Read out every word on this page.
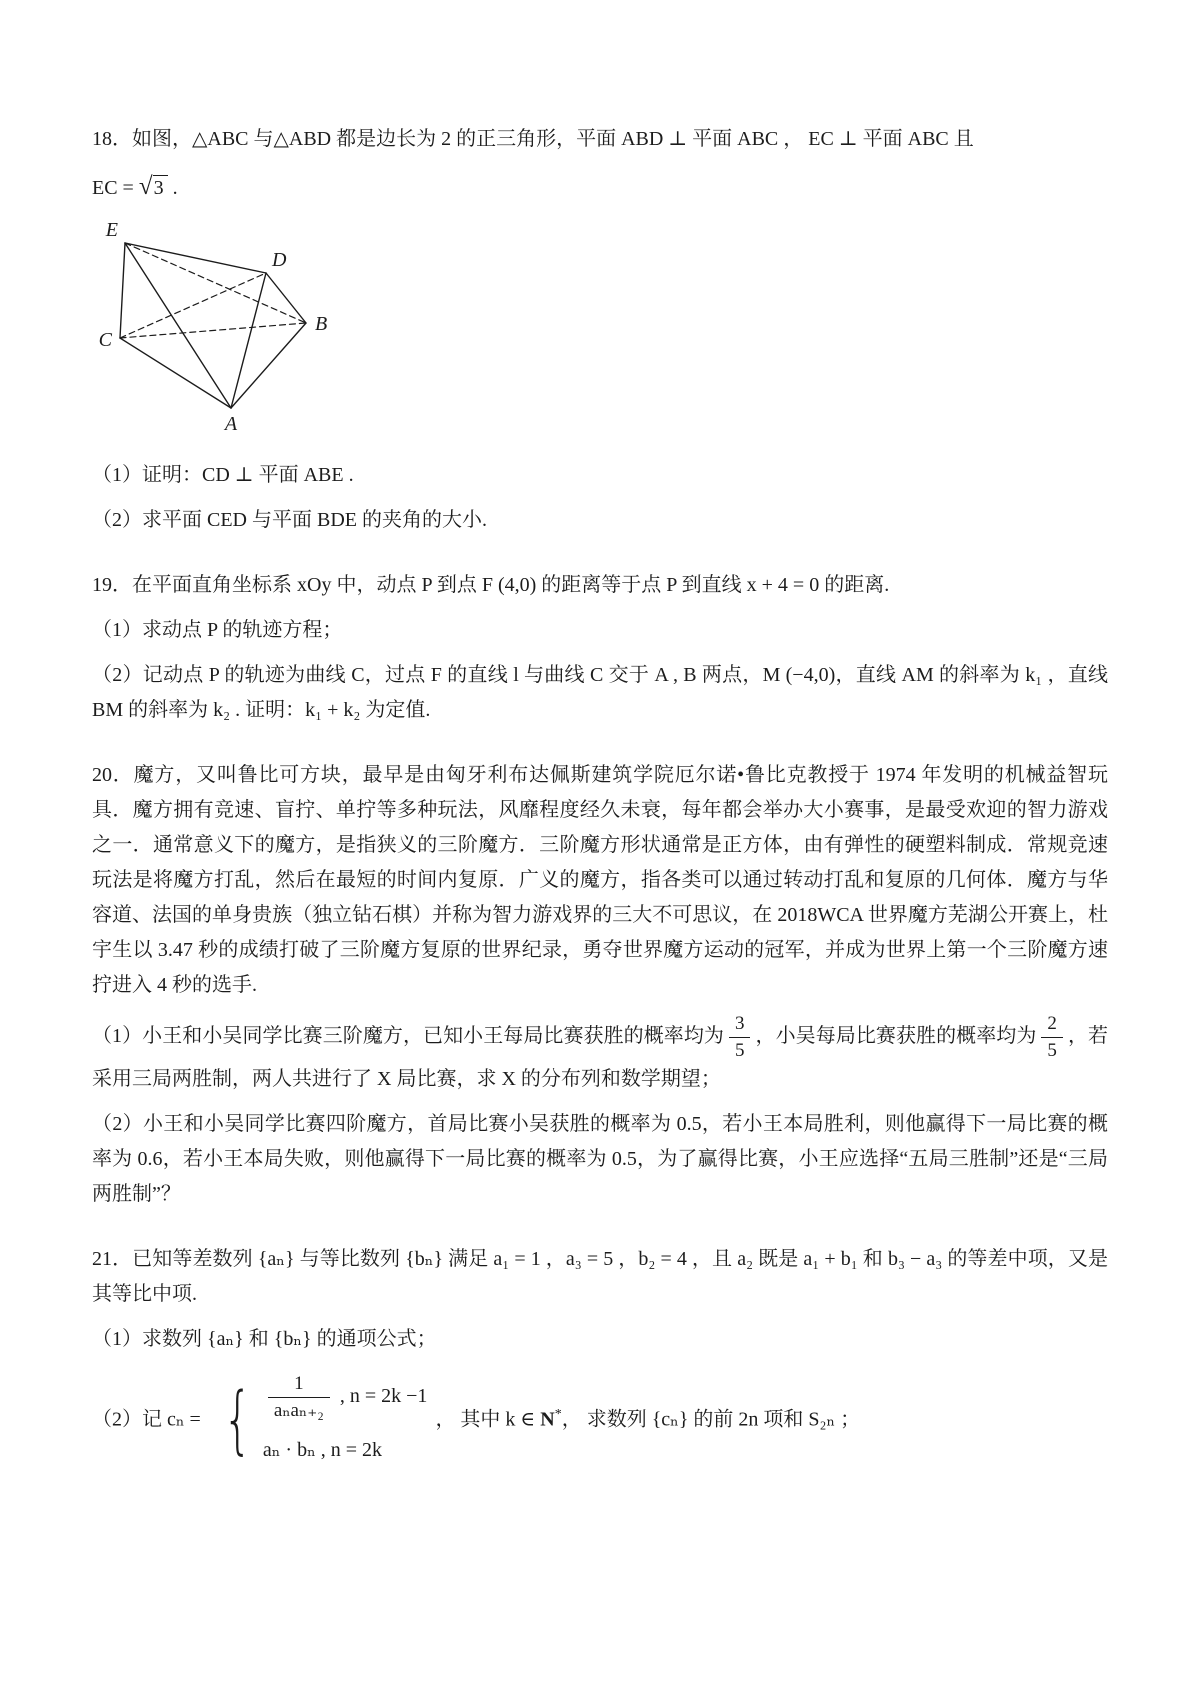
18．如图，△ABC 与△ABD 都是边长为 2 的正三角形，平面 ABD ⊥ 平面 ABC ， EC ⊥ 平面 ABC 且

EC = √3 .

E
D
C
B
A

（1）证明：CD ⊥ 平面 ABE .

（2）求平面 CED 与平面 BDE 的夹角的大小.

19．在平面直角坐标系 xOy 中，动点 P 到点 F (4,0) 的距离等于点 P 到直线 x + 4 = 0 的距离.

（1）求动点 P 的轨迹方程；

（2）记动点 P 的轨迹为曲线 C，过点 F 的直线 l 与曲线 C 交于 A , B 两点，M (−4,0)，直线 AM 的斜率为 k₁ ，直线 BM 的斜率为 k₂ . 证明：k₁ + k₂ 为定值.

20．魔方，又叫鲁比可方块，最早是由匈牙利布达佩斯建筑学院厄尔诺•鲁比克教授于 1974 年发明的机械益智玩具．魔方拥有竞速、盲拧、单拧等多种玩法，风靡程度经久未衰，每年都会举办大小赛事，是最受欢迎的智力游戏之一．通常意义下的魔方，是指狭义的三阶魔方．三阶魔方形状通常是正方体，由有弹性的硬塑料制成．常规竞速玩法是将魔方打乱，然后在最短的时间内复原．广义的魔方，指各类可以通过转动打乱和复原的几何体．魔方与华容道、法国的单身贵族（独立钻石棋）并称为智力游戏界的三大不可思议，在 2018WCA 世界魔方芜湖公开赛上，杜宇生以 3.47 秒的成绩打破了三阶魔方复原的世界纪录，勇夺世界魔方运动的冠军，并成为世界上第一个三阶魔方速拧进入 4 秒的选手.

（1）小王和小吴同学比赛三阶魔方，已知小王每局比赛获胜的概率均为 $\frac{3}{5}$ ，小吴每局比赛获胜的概率均为 $\frac{2}{5}$ ，若采用三局两胜制，两人共进行了 X 局比赛，求 X 的分布列和数学期望；

（2）小王和小吴同学比赛四阶魔方，首局比赛小吴获胜的概率为 0.5，若小王本局胜利，则他赢得下一局比赛的概率为 0.6，若小王本局失败，则他赢得下一局比赛的概率为 0.5，为了赢得比赛，小王应选择“五局三胜制”还是“三局两胜制”？

21．已知等差数列 {aₙ} 与等比数列 {bₙ} 满足 a₁ = 1 ，a₃ = 5 ，b₂ = 4 ，且 a₂ 既是 a₁ + b₁ 和 b₃ − a₃ 的等差中项，又是其等比中项.

（1）求数列 {aₙ} 和 {bₙ} 的通项公式；

（2）记 cₙ = { $\frac{1}{\text{aₙaₙ₊₂}}$ , n = 2k −1
aₙ · bₙ , n = 2k
， 其中 k ∈ N*， 求数列 {cₙ} 的前 2n 项和 S₂ₙ ；
